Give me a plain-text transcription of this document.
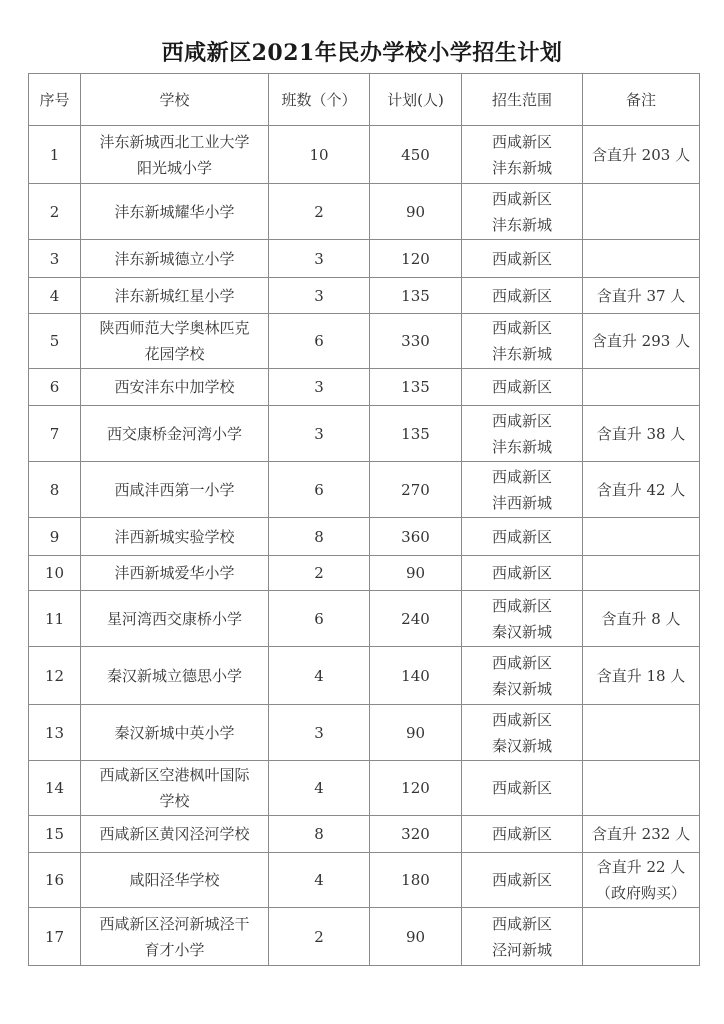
西咸新区2021年民办学校小学招生计划
序号	学校	班数（个）	计划(人)	招生范围	备注
1	沣东新城西北工业大学
阳光城小学	10	450	西咸新区
沣东新城	含直升 203 人

2	沣东新城耀华小学	2	90	西咸新区
沣东新城	

3	沣东新城德立小学	3	120	西咸新区	

4	沣东新城红星小学	3	135	西咸新区	含直升 37 人

5	陕西师范大学奥林匹克
花园学校	6	330	西咸新区
沣东新城	含直升 293 人

6	西安沣东中加学校	3	135	西咸新区	

7	西交康桥金河湾小学	3	135	西咸新区
沣东新城	含直升 38 人

8	西咸沣西第一小学	6	270	西咸新区
沣西新城	含直升 42 人

9	沣西新城实验学校	8	360	西咸新区	

10	沣西新城爱华小学	2	90	西咸新区	

11	星河湾西交康桥小学	6	240	西咸新区
秦汉新城	含直升 8 人

12	秦汉新城立德思小学	4	140	西咸新区
秦汉新城	含直升 18 人

13	秦汉新城中英小学	3	90	西咸新区
秦汉新城	

14	西咸新区空港枫叶国际
学校	4	120	西咸新区	

15	西咸新区黄冈泾河学校	8	320	西咸新区	含直升 232 人

16	咸阳泾华学校	4	180	西咸新区	含直升 22 人
（政府购买）

17	西咸新区泾河新城泾干
育才小学	2	90	西咸新区
泾河新城	
